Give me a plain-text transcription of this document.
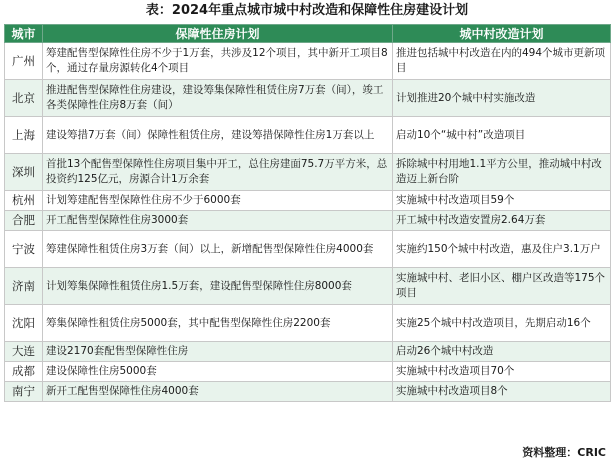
表：2024年重点城市城中村改造和保障性住房建设计划
城市	保障性住房计划	城中村改造计划
广州	筹建配售型保障性住房不少于1万套，共涉及12个项目，其中新开工项目8个，通过存量房源转化4个项目	推进包括城中村改造在内的494个城市更新项目
北京	推进配售型保障性住房建设，建设筹集保障性租赁住房7万套（间），竣工各类保障性住房8万套（间）	计划推进20个城中村实施改造
上海	建设筹措7万套（间）保障性租赁住房，建设筹措保障性住房1万套以上	启动10个“城中村”改造项目
深圳	首批13个配售型保障性住房项目集中开工，总住房建面75.7万平方米，总投资约125亿元，房源合计1万余套	拆除城中村用地1.1平方公里，推动城中村改造迈上新台阶
杭州	计划筹建配售型保障性住房不少于6000套	实施城中村改造项目59个
合肥	开工配售型保障性住房3000套	开工城中村改造安置房2.64万套
宁波	筹建保障性租赁住房3万套（间）以上，新增配售型保障性住房4000套	实施约150个城中村改造，惠及住户3.1万户
济南	计划筹集保障性租赁住房1.5万套，建设配售型保障性住房8000套	实施城中村、老旧小区、棚户区改造等175个项目
沈阳	筹集保障性租赁住房5000套，其中配售型保障性住房2200套	实施25个城中村改造项目，先期启动16个
大连	建设2170套配售型保障性住房	启动26个城中村改造
成都	建设保障性住房5000套	实施城中村改造项目70个
南宁	新开工配售型保障性住房4000套	实施城中村改造项目8个
资料整理：CRIC
